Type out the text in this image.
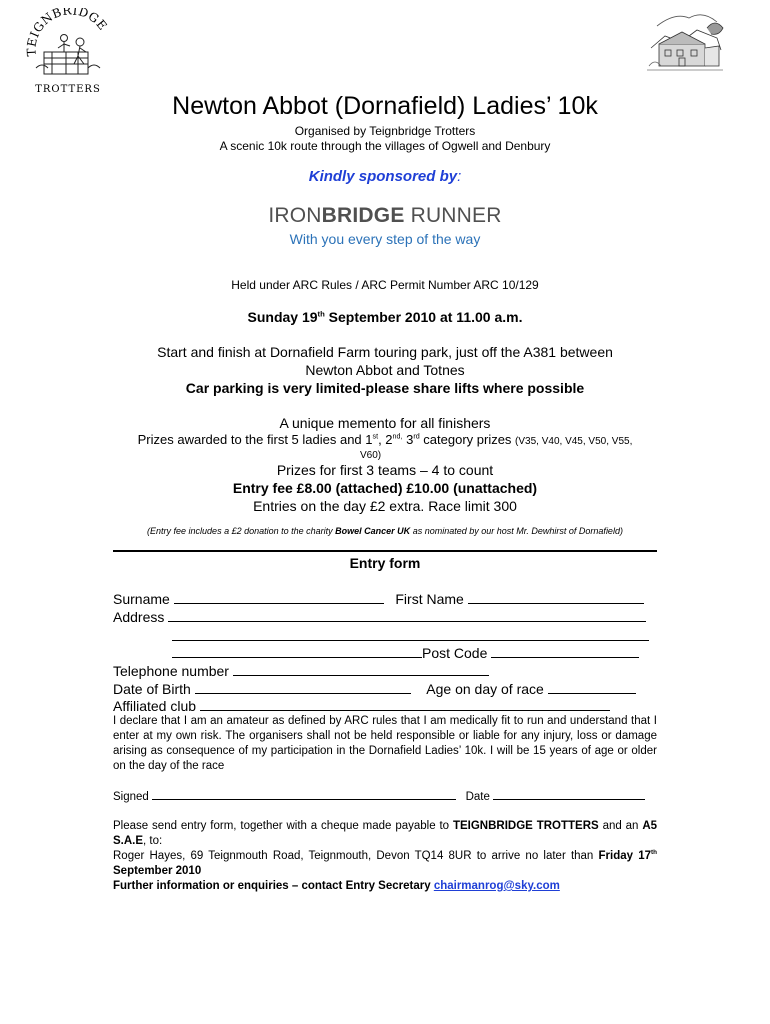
TEIGNBRIDGE
TROTTERS
Newton Abbot (Dornafield) Ladies’ 10k
Organised by Teignbridge Trotters
A scenic 10k route through the villages of Ogwell and Denbury
Kindly sponsored by:
IRONBRIDGE RUNNER
With you every step of the way
Held under ARC Rules / ARC Permit Number ARC 10/129
Sunday 19th September 2010 at 11.00 a.m.
Start and finish at Dornafield Farm touring park, just off the A381 between
Newton Abbot and Totnes
Car parking is very limited-please share lifts where possible
A unique memento for all finishers
Prizes awarded to the first 5 ladies and 1st, $2^{nd,}$ 3rd category prizes (V35, V40, V45, V50, V55,
V60)
Prizes for first 3 teams – 4 to count
Entry fee £8.00 (attached) £10.00 (unattached)
Entries on the day £2 extra. Race limit 300
(Entry fee includes a £2 donation to the charity Bowel Cancer UK as nominated by our host Mr. Dewhirst of Dornafield)
Entry form
Surname	First Name
Address
Post Code
Telephone number
Date of Birth	Age on day of race
Affiliated club
I declare that I am an amateur as defined by ARC rules that I am medically fit to run and understand that I enter at my own risk. The organisers shall not be held responsible or liable for any injury, loss or damage arising as consequence of my participation in the Dornafield Ladies’ 10k. I will be 15 years of age or older on the day of the race
Signed	Date
Please send entry form, together with a cheque made payable to TEIGNBRIDGE TROTTERS and an A5 S.A.E, to:
Roger Hayes, 69 Teignmouth Road, Teignmouth, Devon TQ14 8UR to arrive no later than Friday 17th September 2010
Further information or enquiries – contact Entry Secretary chairmanrog@sky.com
